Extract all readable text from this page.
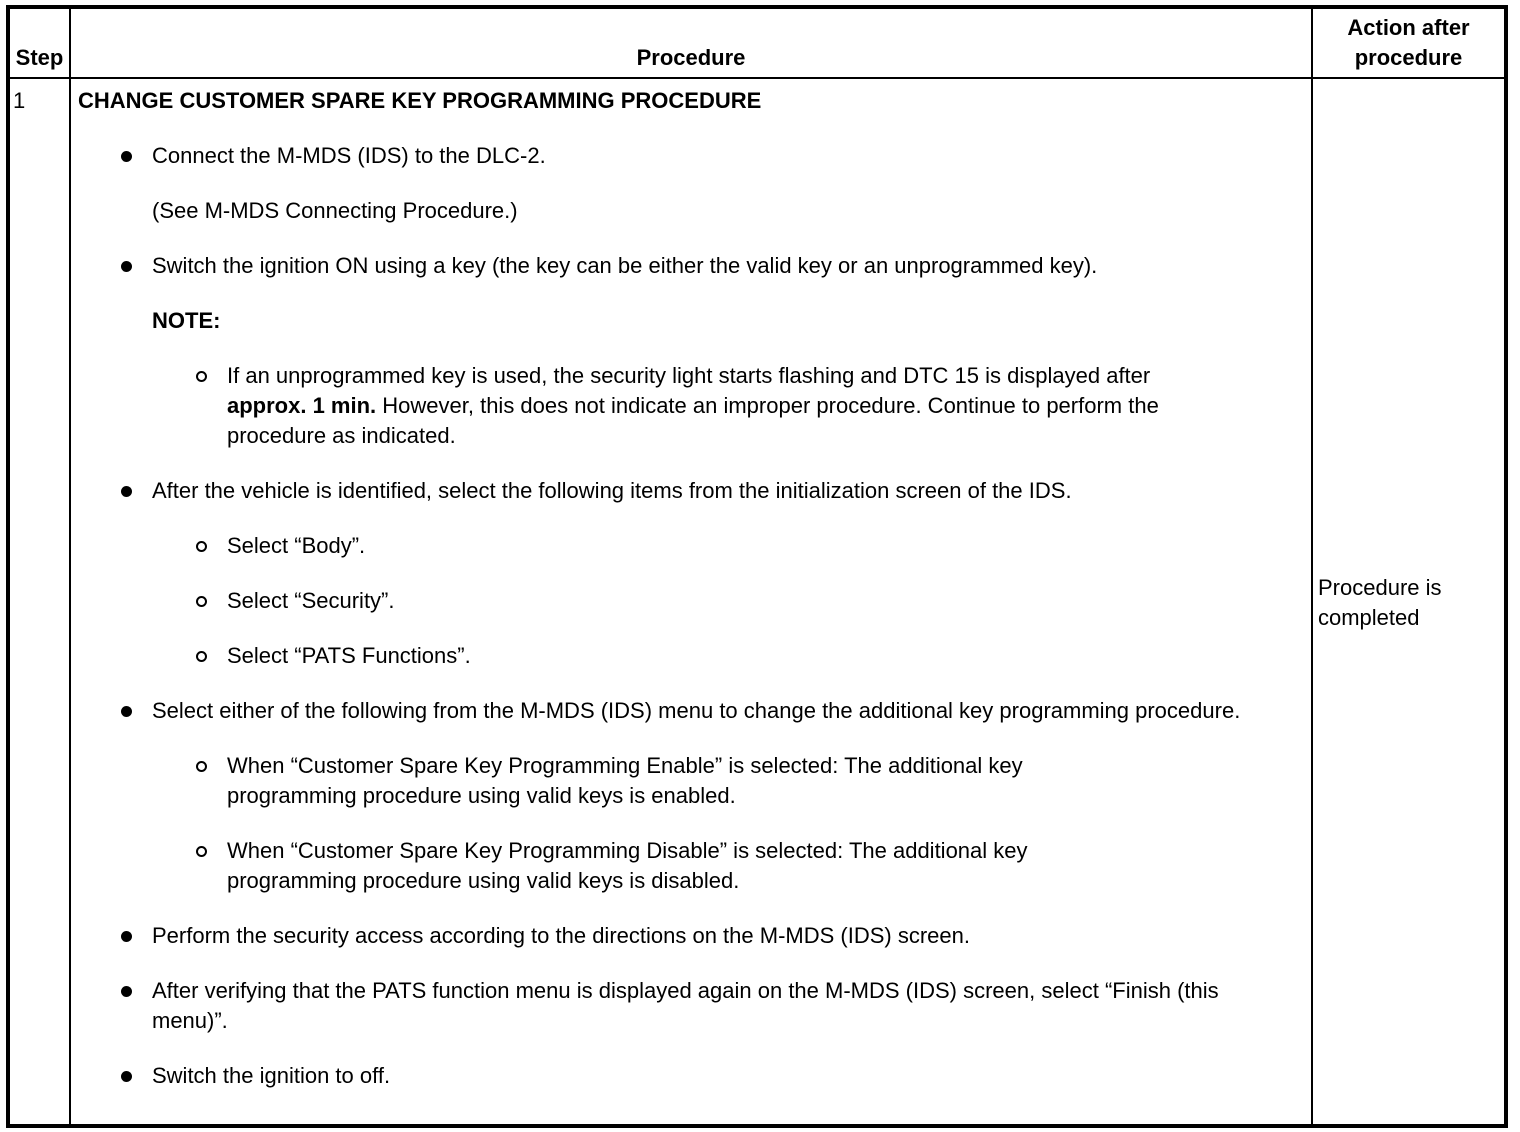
Step	Procedure
Action after
procedure
1 CHANGE CUSTOMER SPARE KEY PROGRAMMING PROCEDURE

Connect the M-MDS (IDS) to the DLC-2.

(See M-MDS Connecting Procedure.)

Switch the ignition ON using a key (the key can be either the valid key or an unprogrammed key).

NOTE:

If an unprogrammed key is used, the security light starts flashing and DTC 15 is displayed after approx. 1 min. However, this does not indicate an improper procedure. Continue to perform the procedure as indicated.

After the vehicle is identified, select the following items from the initialization screen of the IDS.

Select “Body”.

Select “Security”.

Select “PATS Functions”.

Select either of the following from the M-MDS (IDS) menu to change the additional key programming procedure.

When “Customer Spare Key Programming Enable” is selected: The additional key programming procedure using valid keys is enabled.

When “Customer Spare Key Programming Disable” is selected: The additional key programming procedure using valid keys is disabled.

Perform the security access according to the directions on the M-MDS (IDS) screen.

After verifying that the PATS function menu is displayed again on the M-MDS (IDS) screen, select “Finish (this menu)”.

Switch the ignition to off.

Procedure is
completed
